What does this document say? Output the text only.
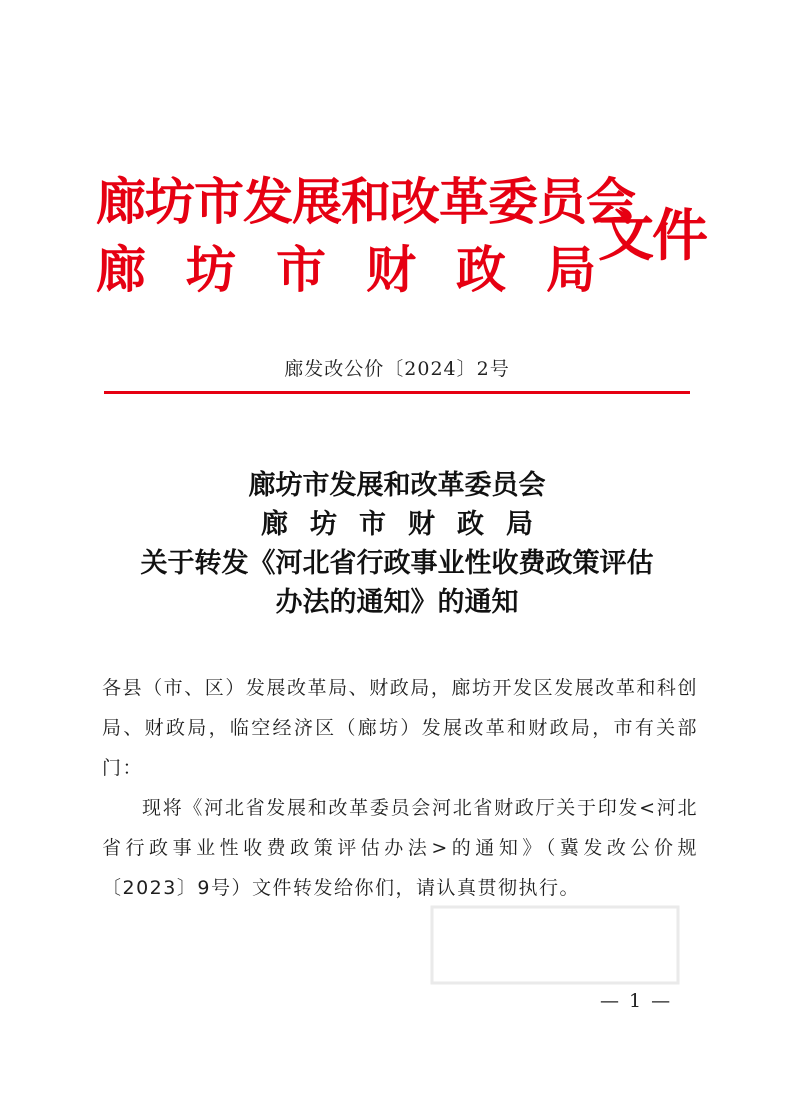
廊坊市发展和改革委员会
廊坊市财政局
文件
廊发改公价〔2024〕2号
廊坊市发展和改革委员会
廊坊市财政局
关于转发《河北省行政事业性收费政策评估
办法的通知》的通知

各县（市、区）发展改革局、财政局，廊坊开发区发展改革和科创局、财政局，临空经济区（廊坊）发展改革和财政局，市有关部门：

现将《河北省发展和改革委员会河北省财政厅关于印发<河北省行政事业性收费政策评估办法>的通知》（冀发改公价规〔2023〕9号）文件转发给你们，请认真贯彻执行。

— 1 —
